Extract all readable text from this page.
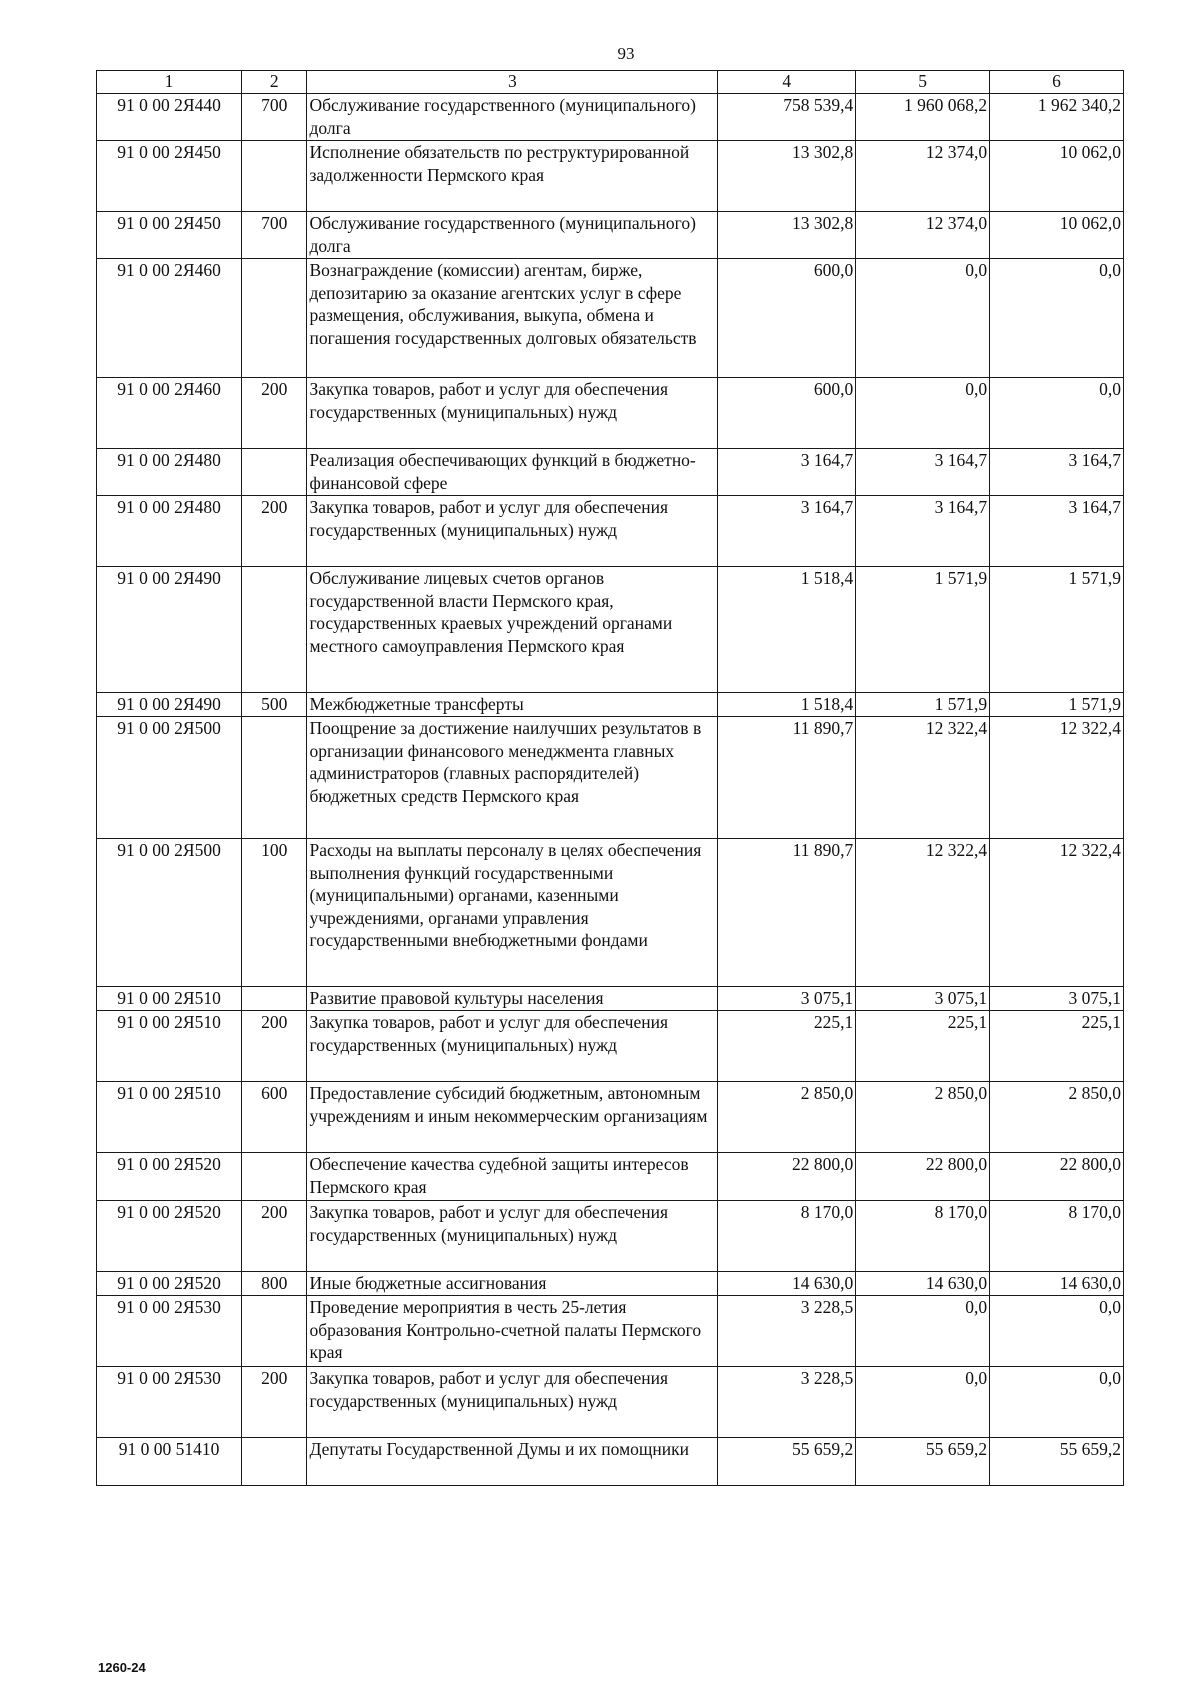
93
1	2	3	4	5	6
91 0 00 2Я440	700	Обслуживание государственного (муниципального) долга	758 539,4	1 960 068,2	1 962 340,2
91 0 00 2Я450		Исполнение обязательств по реструктурированной задолженности Пермского края	13 302,8	12 374,0	10 062,0
91 0 00 2Я450	700	Обслуживание государственного (муниципального) долга	13 302,8	12 374,0	10 062,0
91 0 00 2Я460		Вознаграждение (комиссии) агентам, бирже, депозитарию за оказание агентских услуг в сфере размещения, обслуживания, выкупа, обмена и погашения государственных долговых обязательств	600,0	0,0	0,0
91 0 00 2Я460	200	Закупка товаров, работ и услуг для обеспечения государственных (муниципальных) нужд	600,0	0,0	0,0
91 0 00 2Я480		Реализация обеспечивающих функций в бюджетно-финансовой сфере	3 164,7	3 164,7	3 164,7
91 0 00 2Я480	200	Закупка товаров, работ и услуг для обеспечения государственных (муниципальных) нужд	3 164,7	3 164,7	3 164,7
91 0 00 2Я490		Обслуживание лицевых счетов органов государственной власти Пермского края, государственных краевых учреждений органами местного самоуправления Пермского края	1 518,4	1 571,9	1 571,9
91 0 00 2Я490	500	Межбюджетные трансферты	1 518,4	1 571,9	1 571,9
91 0 00 2Я500		Поощрение за достижение наилучших результатов в организации финансового менеджмента главных администраторов (главных распорядителей) бюджетных средств Пермского края	11 890,7	12 322,4	12 322,4
91 0 00 2Я500	100	Расходы на выплаты персоналу в целях обеспечения выполнения функций государственными (муниципальными) органами, казенными учреждениями, органами управления государственными внебюджетными фондами	11 890,7	12 322,4	12 322,4
91 0 00 2Я510		Развитие правовой культуры населения	3 075,1	3 075,1	3 075,1
91 0 00 2Я510	200	Закупка товаров, работ и услуг для обеспечения государственных (муниципальных) нужд	225,1	225,1	225,1
91 0 00 2Я510	600	Предоставление субсидий бюджетным, автономным учреждениям и иным некоммерческим организациям	2 850,0	2 850,0	2 850,0
91 0 00 2Я520		Обеспечение качества судебной защиты интересов Пермского края	22 800,0	22 800,0	22 800,0
91 0 00 2Я520	200	Закупка товаров, работ и услуг для обеспечения государственных (муниципальных) нужд	8 170,0	8 170,0	8 170,0
91 0 00 2Я520	800	Иные бюджетные ассигнования	14 630,0	14 630,0	14 630,0
91 0 00 2Я530		Проведение мероприятия в честь 25-летия образования Контрольно-счетной палаты Пермского края	3 228,5	0,0	0,0
91 0 00 2Я530	200	Закупка товаров, работ и услуг для обеспечения государственных (муниципальных) нужд	3 228,5	0,0	0,0
91 0 00 51410		Депутаты Государственной Думы и их помощники	55 659,2	55 659,2	55 659,2
1260-24
